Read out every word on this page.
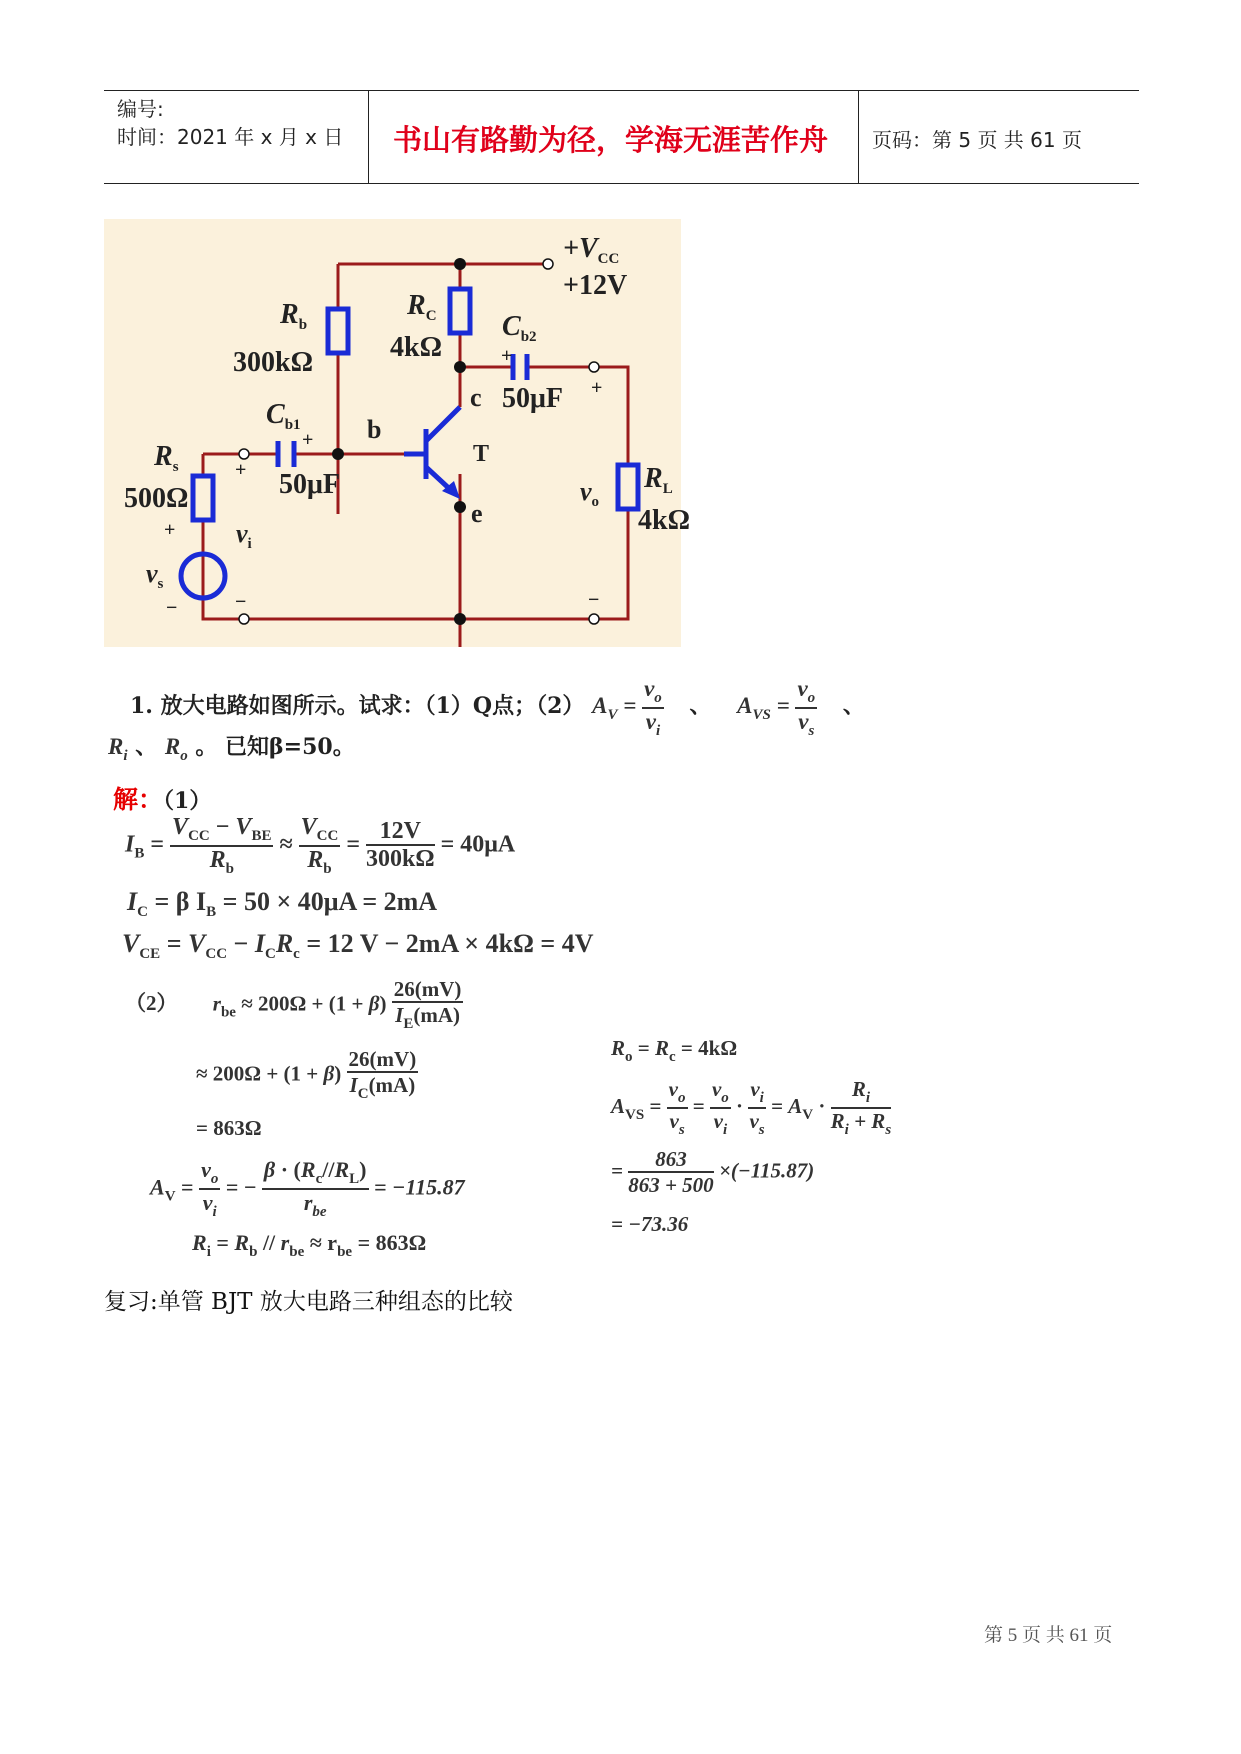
编号:
时间：2021 年 x 月 x 日 书山有路勤为径，学海无涯苦作舟 页码：第 5 页 共 61 页
$+V_{CC}$
+12V
$R_b$
300kΩ
$R_C$
4kΩ
$C_{b2}$
50μF
$C_{b1}$
50μF
$R_s$
500Ω
$R_L$
4kΩ
b
c
e
T
$v_i$
$v_s$
$v_o$
+
+
+
+
+
−
−	−
1. 放大电路如图所示。试求：（1）Q点；（2） $A_V = \frac{v_o}{v_i}$ 、 $A_{VS} = \frac{v_o}{v_s}$ 、
$R_i$ 、 $R_o$ 。 已知β=50。
解：（1）
$I_B = \frac{V_{CC} - V_{BE}}{R_b} \approx \frac{V_{CC}}{R_b} = \frac{12V}{300k\Omega} = 40\mu A$
$I_C = \beta$ $I_B = 50 \times 40\mu A = 2mA$
$V_{CE} = V_{CC} - I_CR_c = 12$ V − 2mA × 4kΩ = 4V
（2） $r_{be} \approx 200\Omega + (1 + \beta) \frac{26(mV)}{I_E(mA)}$
≈ $200\Omega + (1 + \beta) \frac{26(mV)}{I_C(mA)}$
= 863Ω
$A_V = \frac{v_o}{v_i}$ = − $\frac{\beta \cdot (R_c//R_L)}{r_{be}} = -115.87$
$R_i = R_b // r_{be} \approx r_{be} = 863\Omega$
$R_o = R_c = 4k\Omega$
$A_{VS} = \frac{v_o}{v_s} = \frac{v_o}{v_i} \cdot \frac{v_i}{v_s} = A_V \cdot \frac{R_i}{R_i + R_s}$
= $\frac{863}{863 + 500} \times(-115.87)$
= −73.36
复习:单管 BJT 放大电路三种组态的比较
第 5 页 共 61 页
